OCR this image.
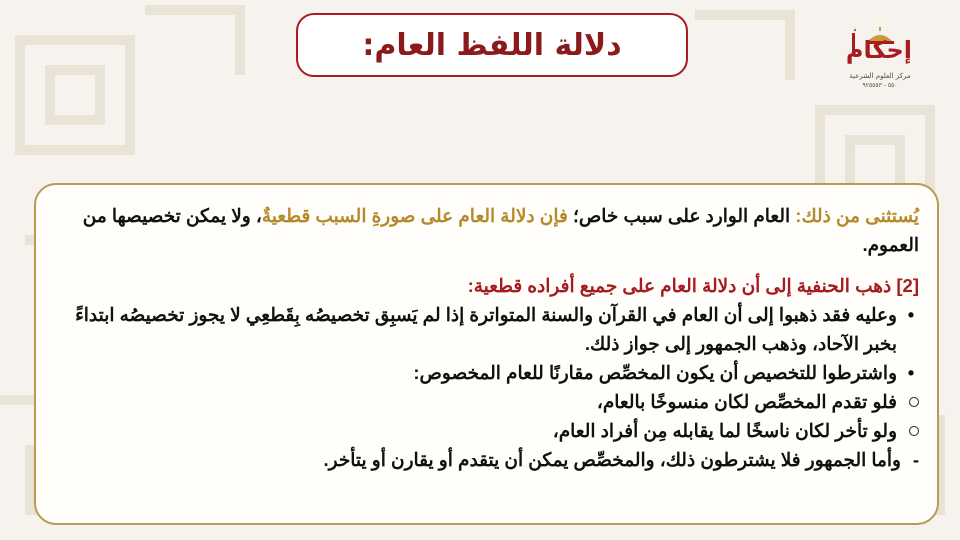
دلالة اللفظ العام:	إحكام
مركز العلوم الشرعية
٥٥٠ - ٩٢٥٥٥٣

يُستثنى من ذلك: العام الوارد على سبب خاص؛ فإن دلالة العام على صورةِ السبب قطعيةٌ، ولا يمكن تخصيصها من العموم.

[2] ذهب الحنفية إلى أن دلالة العام على جميع أفراده قطعية:

•
وعليه فقد ذهبوا إلى أن العام في القرآن والسنة المتواترة إذا لم يَسبِق تخصيصُه بِقَطعِي لا يجوز تخصيصُه ابتداءً بخبر الآحاد، وذهب الجمهور إلى جواز ذلك.

•
واشترطوا للتخصيص أن يكون المخصِّص مقارنًا للعام المخصوص:

فلو تقدم المخصِّص لكان منسوخًا بالعام،

ولو تأخر لكان ناسخًا لما يقابله مِن أفراد العام،

-
وأما الجمهور فلا يشترطون ذلك، والمخصِّص يمكن أن يتقدم أو يقارن أو يتأخر.
